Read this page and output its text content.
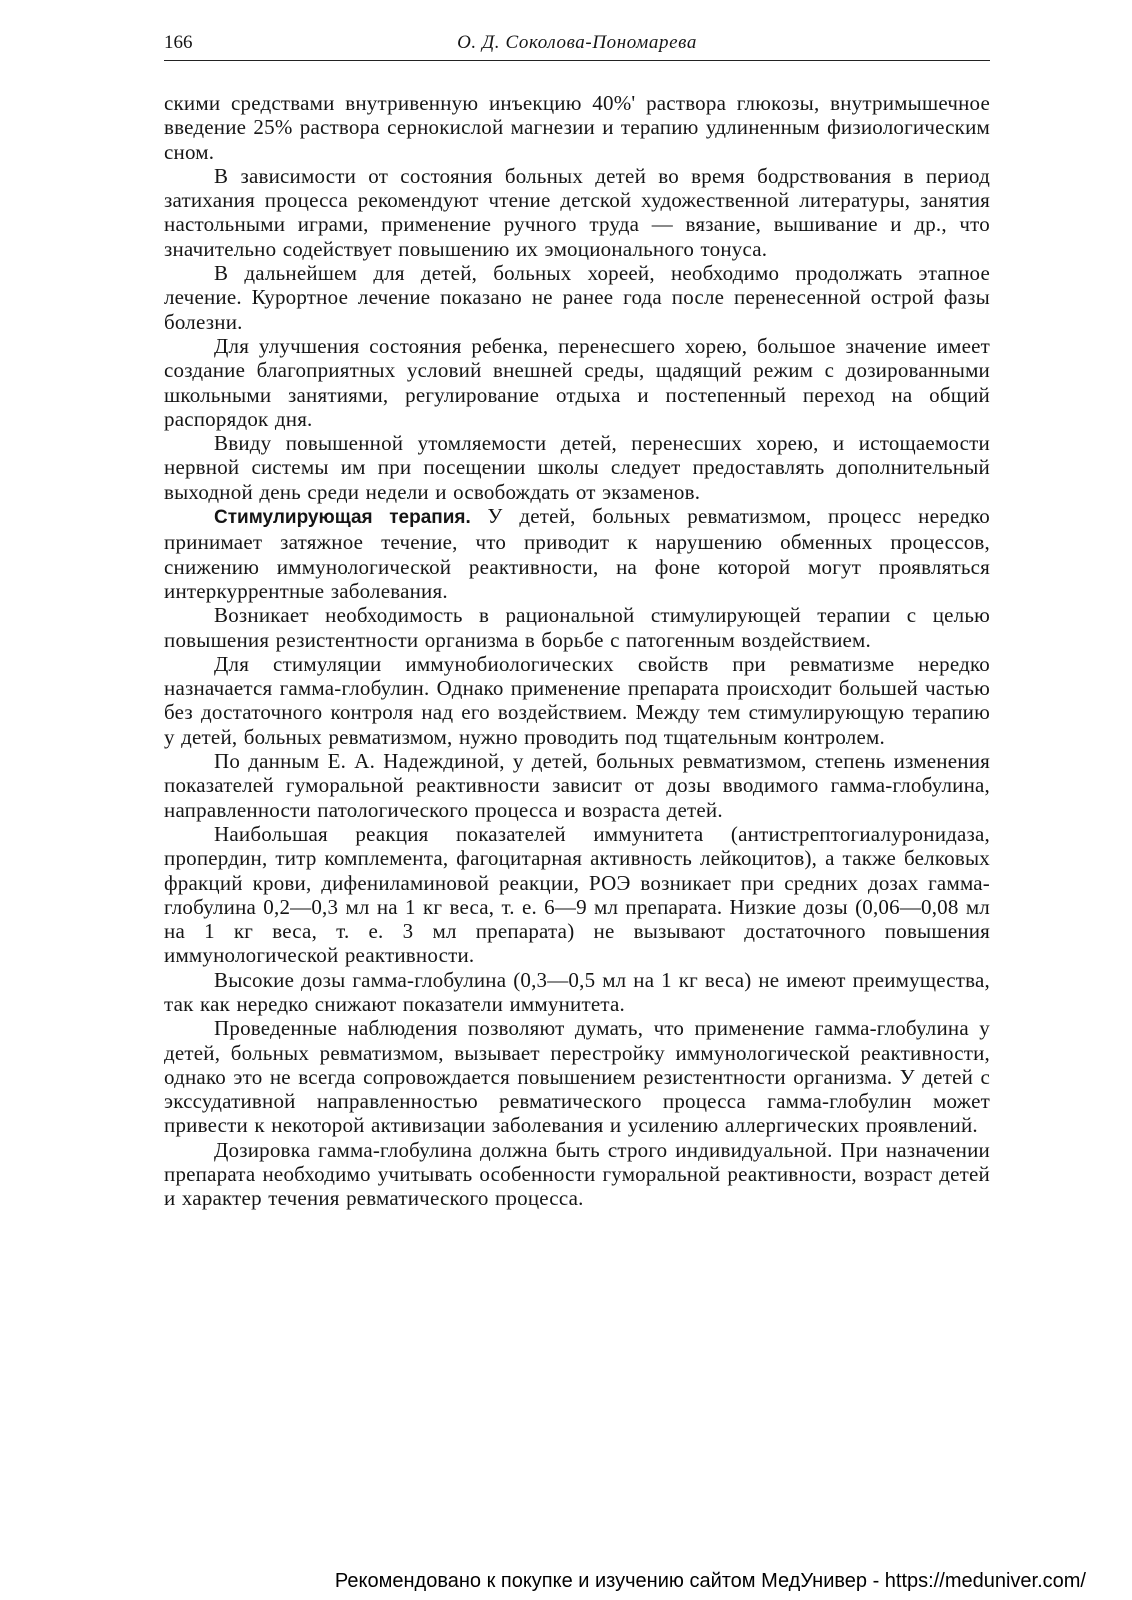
166	О. Д. Соколова-Пономарева

скими средствами внутривенную инъекцию 40%' раствора глюкозы, внутримышечное введение 25% раствора сернокислой магнезии и терапию удлиненным физиологическим сном.

В зависимости от состояния больных детей во время бодрствования в период затихания процесса рекомендуют чтение детской художественной литературы, занятия настольными играми, применение ручного труда — вязание, вышивание и др., что значительно содействует повышению их эмоционального тонуса.

В дальнейшем для детей, больных хореей, необходимо продолжать этапное лечение. Курортное лечение показано не ранее года после перенесенной острой фазы болезни.

Для улучшения состояния ребенка, перенесшего хорею, большое значение имеет создание благоприятных условий внешней среды, щадящий режим с дозированными школьными занятиями, регулирование отдыха и постепенный переход на общий распорядок дня.

Ввиду повышенной утомляемости детей, перенесших хорею, и истощаемости нервной системы им при посещении школы следует предоставлять дополнительный выходной день среди недели и освобождать от экзаменов.

Стимулирующая терапия. У детей, больных ревматизмом, процесс нередко принимает затяжное течение, что приводит к нарушению обменных процессов, снижению иммунологической реактивности, на фоне которой могут проявляться интеркуррентные заболевания.

Возникает необходимость в рациональной стимулирующей терапии с целью повышения резистентности организма в борьбе с патогенным воздействием.

Для стимуляции иммунобиологических свойств при ревматизме нередко назначается гамма-глобулин. Однако применение препарата происходит большей частью без достаточного контроля над его воздействием. Между тем стимулирующую терапию у детей, больных ревматизмом, нужно проводить под тщательным контролем.

По данным Е. А. Надеждиной, у детей, больных ревматизмом, степень изменения показателей гуморальной реактивности зависит от дозы вводимого гамма-глобулина, направленности патологического процесса и возраста детей.

Наибольшая реакция показателей иммунитета (антистрептогиалуронидаза, пропердин, титр комплемента, фагоцитарная активность лейкоцитов), а также белковых фракций крови, дифениламиновой реакции, РОЭ возникает при средних дозах гамма-глобулина 0,2—0,3 мл на 1 кг веса, т. е. 6—9 мл препарата. Низкие дозы (0,06—0,08 мл на 1 кг веса, т. е. 3 мл препарата) не вызывают достаточного повышения иммунологической реактивности.

Высокие дозы гамма-глобулина (0,3—0,5 мл на 1 кг веса) не имеют преимущества, так как нередко снижают показатели иммунитета.

Проведенные наблюдения позволяют думать, что применение гамма-глобулина у детей, больных ревматизмом, вызывает перестройку иммунологической реактивности, однако это не всегда сопровождается повышением резистентности организма. У детей с экссудативной направленностью ревматического процесса гамма-глобулин может привести к некоторой активизации заболевания и усилению аллергических проявлений.

Дозировка гамма-глобулина должна быть строго индивидуальной. При назначении препарата необходимо учитывать особенности гуморальной реактивности, возраст детей и характер течения ревматического процесса.

Рекомендовано к покупке и изучению сайтом МедУнивер - https://meduniver.com/
